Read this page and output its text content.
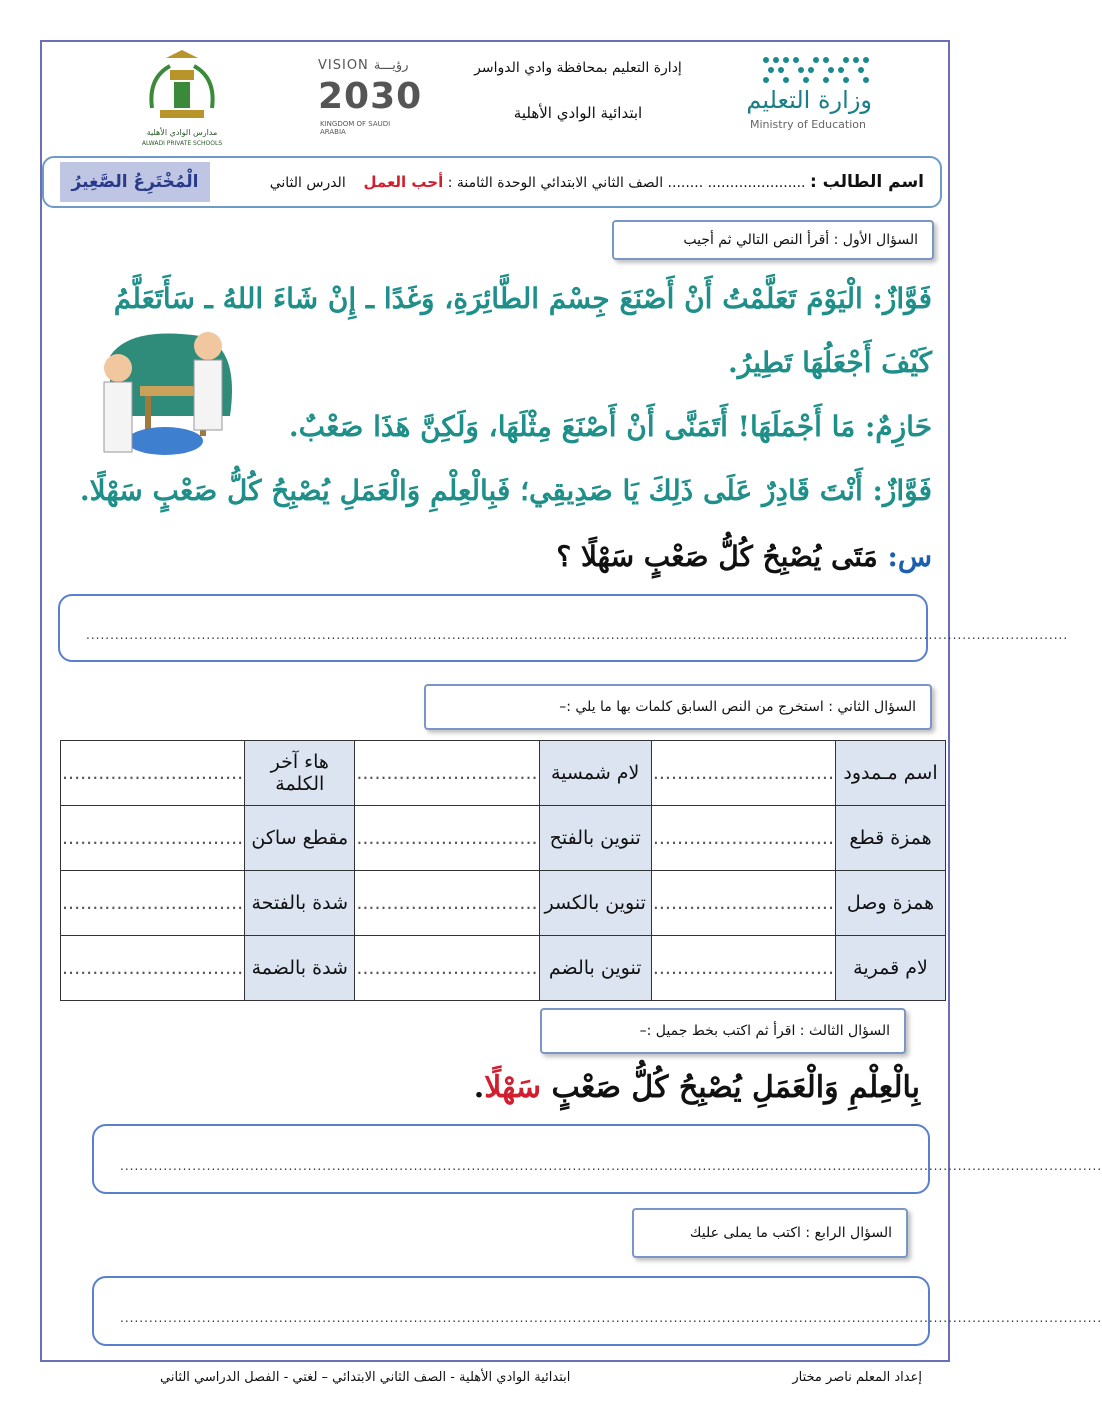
إدارة التعليم بمحافظة وادي الدواسر
ابتدائية الوادي الأهلية	وزارة التعليم
Ministry of Education
VISION رؤيـــة
2030
KINGDOM OF SAUDI ARABIA
مدارس الوادي الأهلية
ALWADI PRIVATE SCHOOLS
اسم الطالب : ...................... ........ الصف الثاني الابتدائي الوحدة الثامنة : أحب العمل    الدرس الثاني
الْمُخْتَرِعُ الصَّغِيرُ
السؤال الأول : أقرأ النص التالي ثم أجيب
فَوَّازٌ: الْيَوْمَ تَعَلَّمْتُ أَنْ أَصْنَعَ جِسْمَ الطَّائِرَةِ، وَغَدًا ـ إِنْ شَاءَ اللهُ ـ سَأَتَعَلَّمُ
كَيْفَ أَجْعَلُهَا تَطِيرُ.
حَازِمٌ: مَا أَجْمَلَهَا! أَتَمَنَّى أَنْ أَصْنَعَ مِثْلَهَا، وَلَكِنَّ هَذَا صَعْبٌ.
فَوَّازٌ: أَنْتَ قَادِرٌ عَلَى ذَلِكَ يَا صَدِيقِي؛ فَبِالْعِلْمِ وَالْعَمَلِ يُصْبِحُ كُلُّ صَعْبٍ سَهْلًا.
س: مَتَى يُصْبِحُ كُلُّ صَعْبٍ سَهْلًا ؟
............................................................................................................................................................................................................
السؤال الثاني : استخرج من النص السابق كلمات بها ما يلي :–
اسم مـمدود	..............................	لام شمسية	..............................	هاء آخر الكلمة	..............................
همزة قطع	..............................	تنوين بالفتح	..............................	مقطع ساكن	..............................
همزة وصل	..............................	تنوين بالكسر	..............................	شدة بالفتحة	..............................
لام قمرية	..............................	تنوين بالضم	..............................	شدة بالضمة	..............................
السؤال الثالث : اقرأ ثم اكتب بخط جميل :–
بِالْعِلْمِ وَالْعَمَلِ يُصْبِحُ كُلُّ صَعْبٍ سَهْلًا.
............................................................................................................................................................................................................
السؤال الرابع : اكتب ما يملى عليك
............................................................................................................................................................................................................
ابتدائية الوادي الأهلية - الصف الثاني الابتدائي – لغتي - الفصل الدراسي الثاني	إعداد المعلم ناصر مختار
